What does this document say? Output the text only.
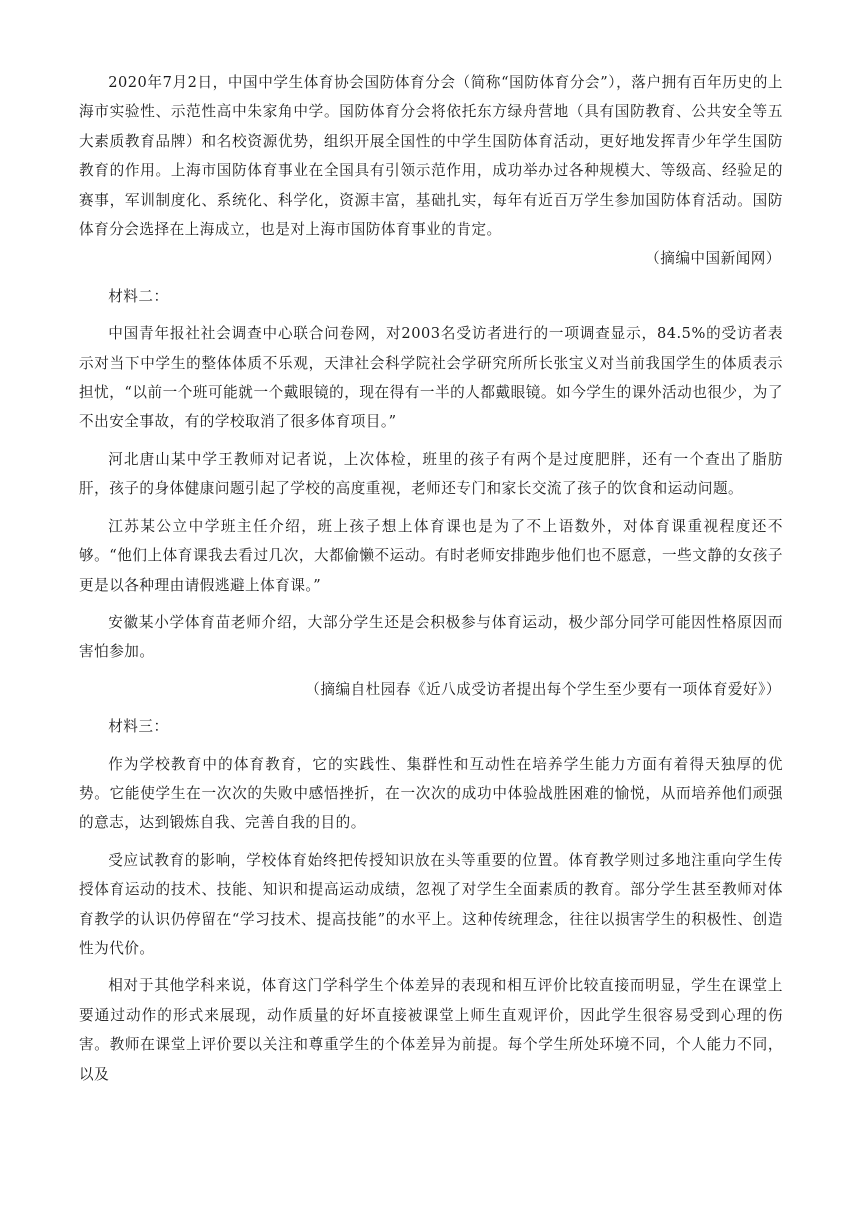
2020年7月2日，中国中学生体育协会国防体育分会（简称“国防体育分会”），落户拥有百年历史的上海市实验性、示范性高中朱家角中学。国防体育分会将依托东方绿舟营地（具有国防教育、公共安全等五大素质教育品牌）和名校资源优势，组织开展全国性的中学生国防体育活动，更好地发挥青少年学生国防教育的作用。上海市国防体育事业在全国具有引领示范作用，成功举办过各种规模大、等级高、经验足的赛事，军训制度化、系统化、科学化，资源丰富，基础扎实，每年有近百万学生参加国防体育活动。国防体育分会选择在上海成立，也是对上海市国防体育事业的肯定。

（摘编中国新闻网）

材料二：

中国青年报社社会调查中心联合问卷网，对2003名受访者进行的一项调查显示，84.5%的受访者表示对当下中学生的整体体质不乐观，天津社会科学院社会学研究所所长张宝义对当前我国学生的体质表示担忧，“以前一个班可能就一个戴眼镜的，现在得有一半的人都戴眼镜。如今学生的课外活动也很少，为了不出安全事故，有的学校取消了很多体育项目。”

河北唐山某中学王教师对记者说，上次体检，班里的孩子有两个是过度肥胖，还有一个查出了脂肪肝，孩子的身体健康问题引起了学校的高度重视，老师还专门和家长交流了孩子的饮食和运动问题。

江苏某公立中学班主任介绍，班上孩子想上体育课也是为了不上语数外，对体育课重视程度还不够。“他们上体育课我去看过几次，大都偷懒不运动。有时老师安排跑步他们也不愿意，一些文静的女孩子更是以各种理由请假逃避上体育课。”

安徽某小学体育苗老师介绍，大部分学生还是会积极参与体育运动，极少部分同学可能因性格原因而害怕参加。

（摘编自杜园春《近八成受访者提出每个学生至少要有一项体育爱好》）

材料三：

作为学校教育中的体育教育，它的实践性、集群性和互动性在培养学生能力方面有着得天独厚的优势。它能使学生在一次次的失败中感悟挫折，在一次次的成功中体验战胜困难的愉悦，从而培养他们顽强的意志，达到锻炼自我、完善自我的目的。

受应试教育的影响，学校体育始终把传授知识放在头等重要的位置。体育教学则过多地注重向学生传授体育运动的技术、技能、知识和提高运动成绩，忽视了对学生全面素质的教育。部分学生甚至教师对体育教学的认识仍停留在“学习技术、提高技能”的水平上。这种传统理念，往往以损害学生的积极性、创造性为代价。

相对于其他学科来说，体育这门学科学生个体差异的表现和相互评价比较直接而明显，学生在课堂上要通过动作的形式来展现，动作质量的好坏直接被课堂上师生直观评价，因此学生很容易受到心理的伤害。教师在课堂上评价要以关注和尊重学生的个体差异为前提。每个学生所处环境不同，个人能力不同，以及
